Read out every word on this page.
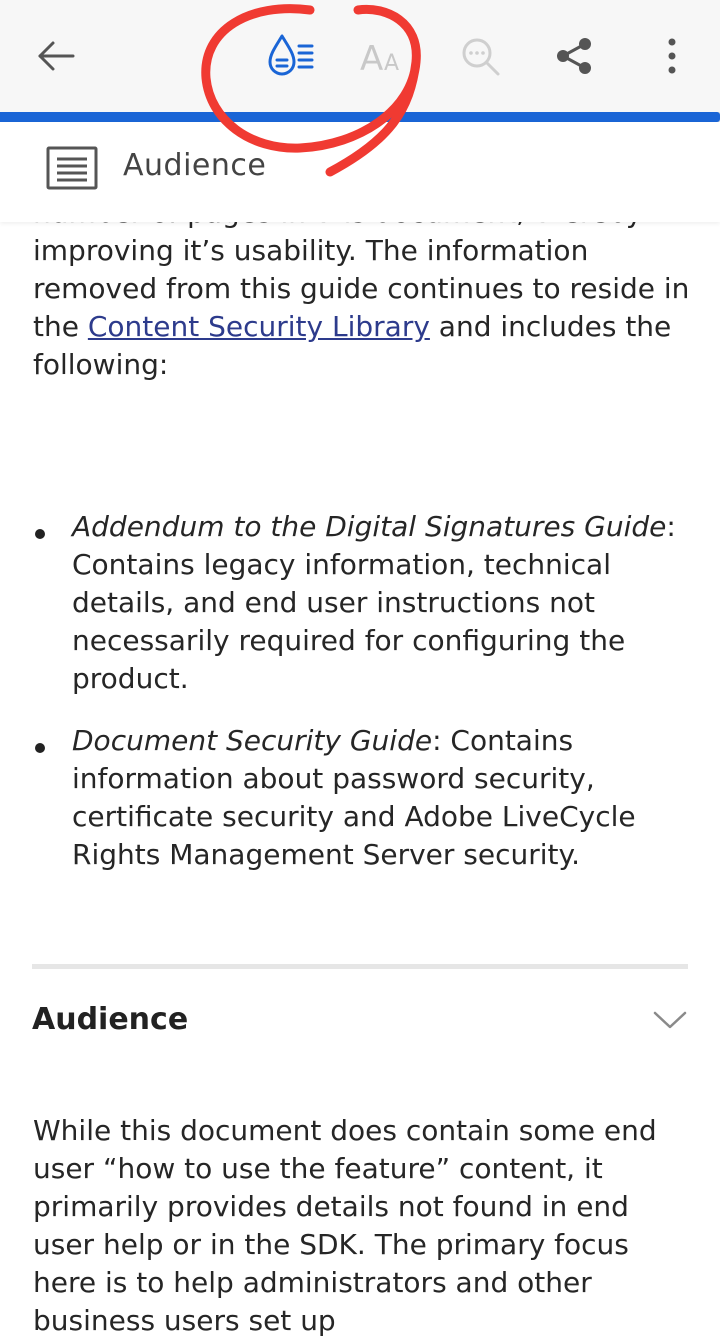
improving it’s usability. The information
removed from this guide continues to reside in
the Content Security Library and includes the
following:

Addendum to the Digital Signatures Guide: Contains legacy information, technical details, and end user instructions not necessarily required for configuring the product.
Document Security Guide: Contains information about password security, certificate security and Adobe LiveCycle Rights Management Server security.
Audience

While this document does contain some end user “how to use the feature” content, it primarily provides details not found in end user help or in the SDK. The primary focus here is to help administrators and other business users set up

A A
Audience
